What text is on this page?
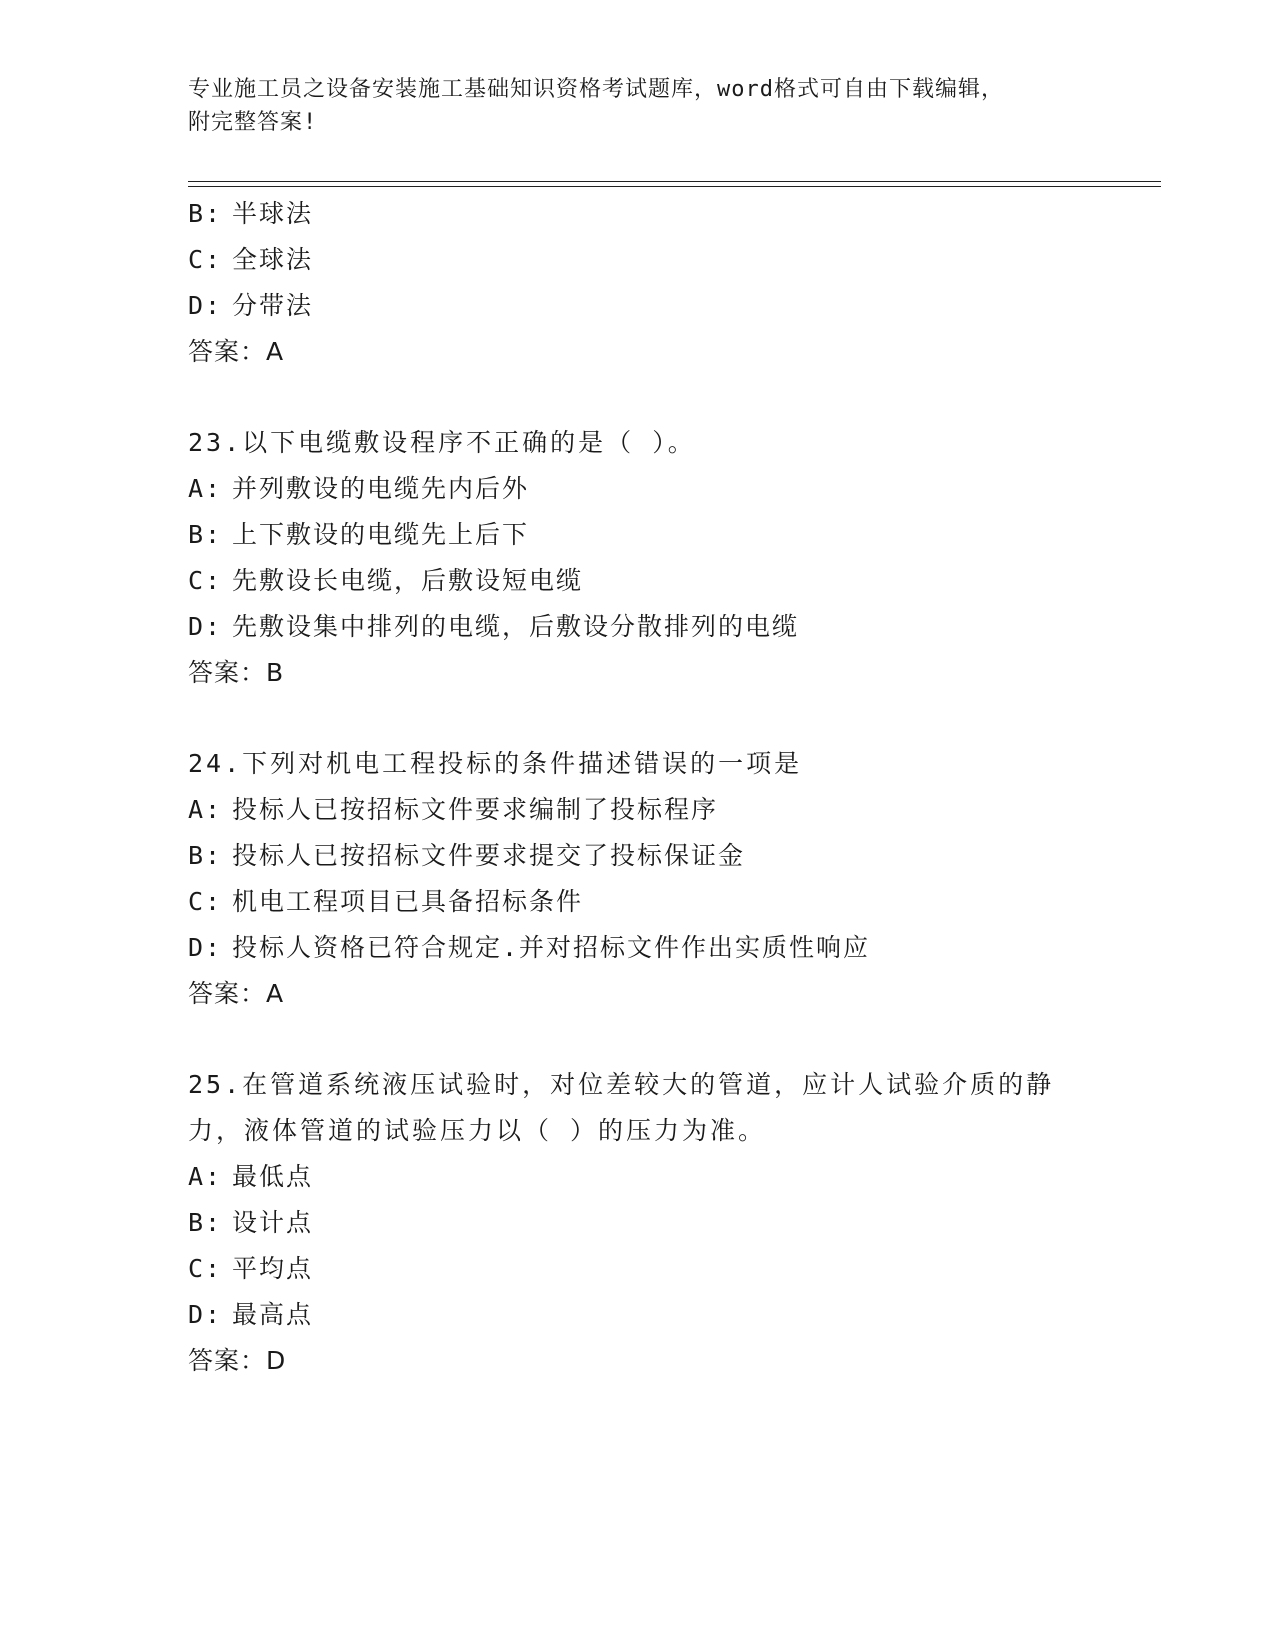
专业施工员之设备安装施工基础知识资格考试题库，word格式可自由下载编辑，
附完整答案!
B: 半球法
C: 全球法
D: 分带法
答案：A
23.以下电缆敷设程序不正确的是（ ）。
A: 并列敷设的电缆先内后外
B: 上下敷设的电缆先上后下
C: 先敷设长电缆，后敷设短电缆
D: 先敷设集中排列的电缆，后敷设分散排列的电缆
答案：B
24.下列对机电工程投标的条件描述错误的一项是
A: 投标人已按招标文件要求编制了投标程序
B: 投标人已按招标文件要求提交了投标保证金
C: 机电工程项目已具备招标条件
D: 投标人资格已符合规定.并对招标文件作出实质性响应
答案：A
25.在管道系统液压试验时，对位差较大的管道，应计人试验介质的静力，液体管道的试验压力以（ ）的压力为准。
A: 最低点
B: 设计点
C: 平均点
D: 最高点
答案：D
